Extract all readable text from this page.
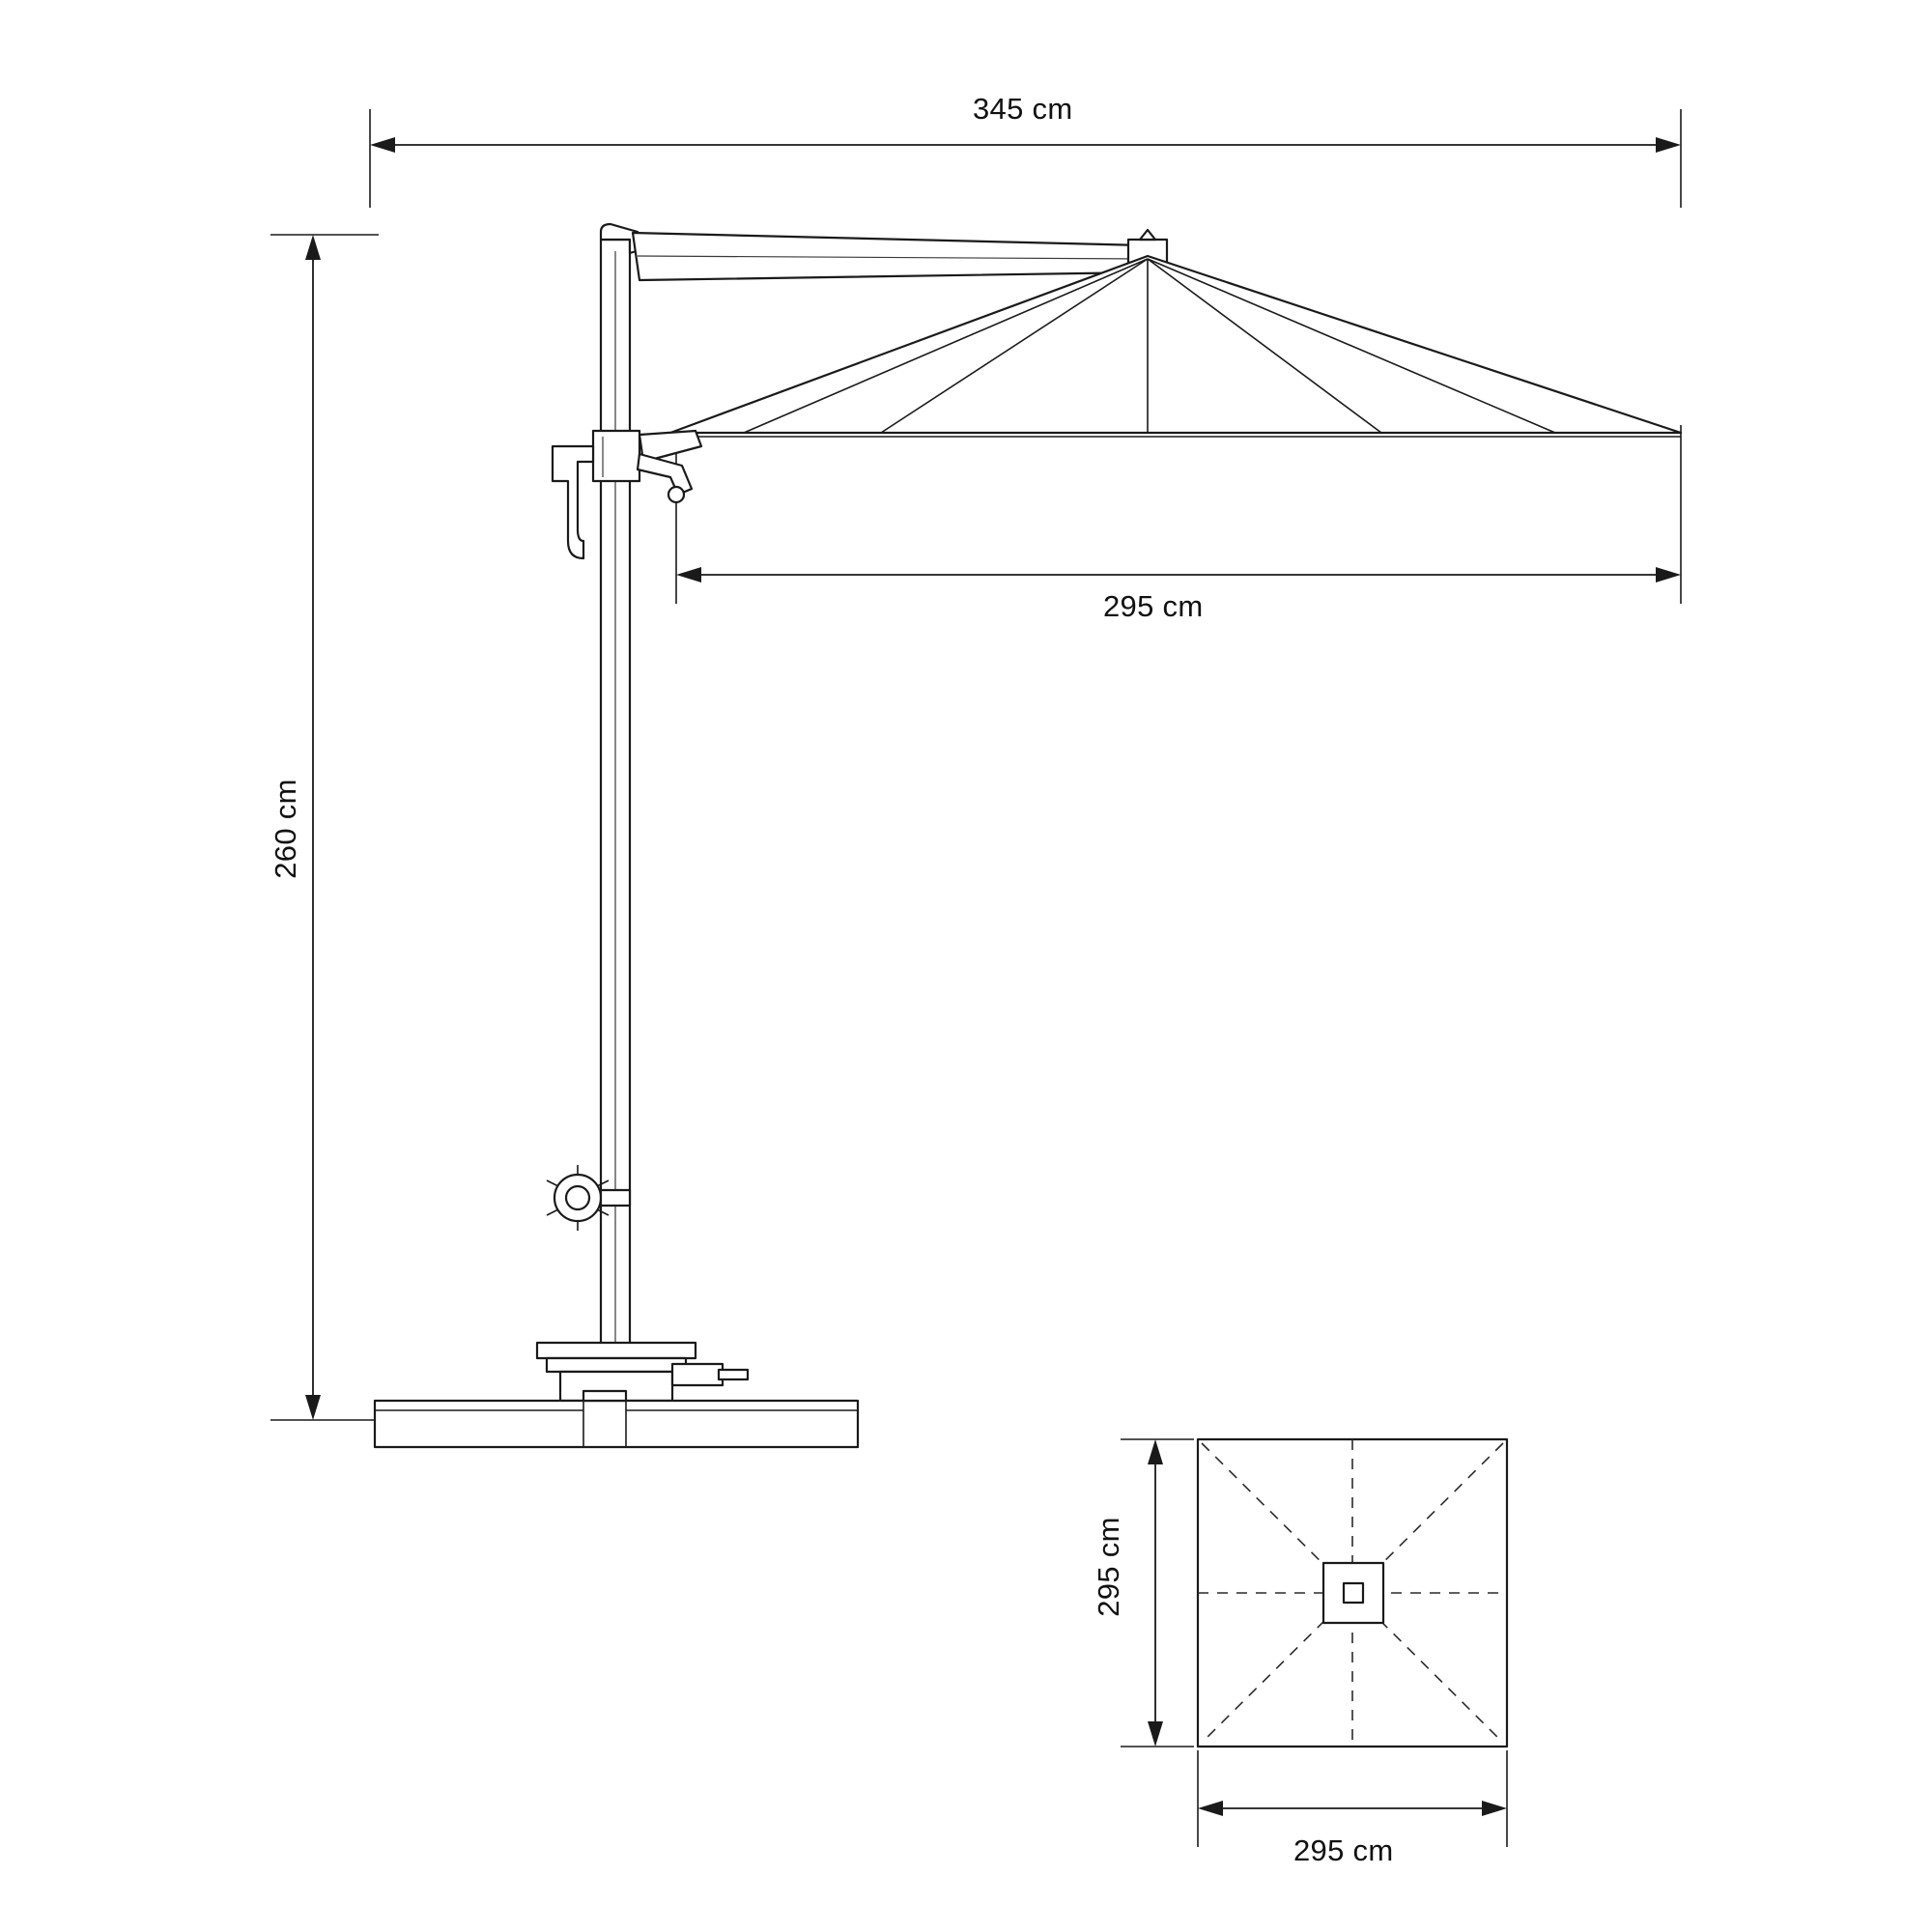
345 cm
260 cm
295 cm
295 cm
295 cm
